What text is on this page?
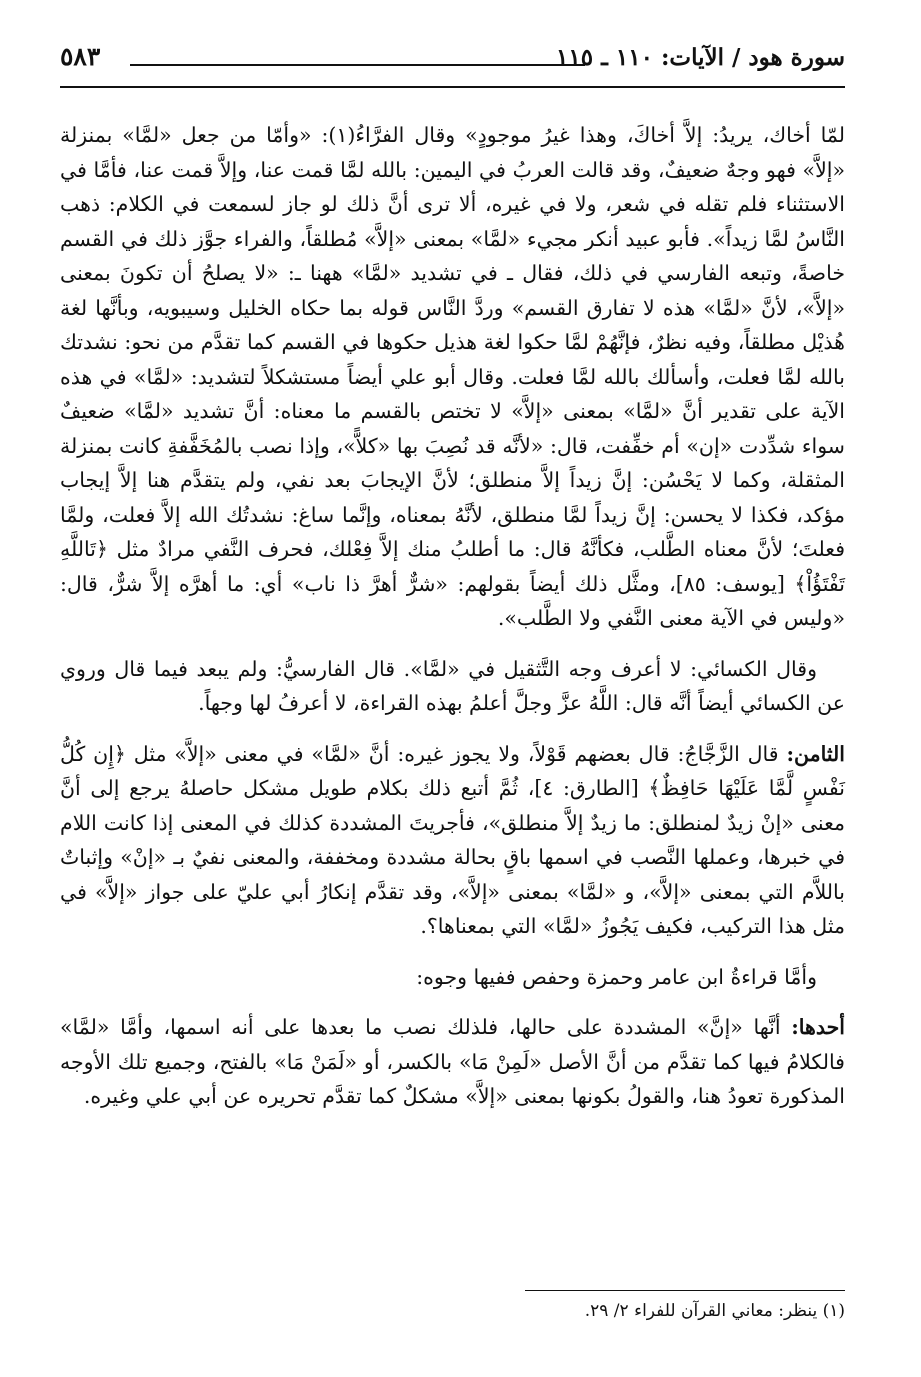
سورة هود / الآيات: ١١٠ ـ ١١٥
٥٨٣

لمّا أخاك، يريدُ: إلاَّ أخاكَ، وهذا غيرُ موجودٍ» وقال الفرَّاءُ(١): «وأمّا من جعل «لمَّا» بمنزلة «إلاَّ» فهو وجهٌ ضعيفٌ، وقد قالت العربُ في اليمين: بالله لمَّا قمت عنا، وإلاَّ قمت عنا، فأمَّا في الاستثناء فلم تقله في شعر، ولا في غيره، ألا ترى أنَّ ذلك لو جاز لسمعت في الكلام: ذهب النَّاسُ لمَّا زيداً». فأبو عبيد أنكر مجيء «لمَّا» بمعنى «إلاَّ» مُطلقاً، والفراء جوَّز ذلك في القسم خاصةً، وتبعه الفارسي في ذلك، فقال ـ في تشديد «لمَّا» ههنا ـ: «لا يصلحُ أن تكونَ بمعنى «إلاَّ»، لأنَّ «لمَّا» هذه لا تفارق القسم» وردَّ النَّاس قوله بما حكاه الخليل وسيبويه، وبأنَّها لغة هُذيْل مطلقاً، وفيه نظرٌ، فإنَّهُمْ لمَّا حكوا لغة هذيل حكوها في القسم كما تقدَّم من نحو: نشدتك بالله لمَّا فعلت، وأسألك بالله لمَّا فعلت. وقال أبو علي أيضاً مستشكلاً لتشديد: «لمَّا» في هذه الآية على تقدير أنَّ «لمَّا» بمعنى «إلاَّ» لا تختص بالقسم ما معناه: أنَّ تشديد «لمَّا» ضعيفٌ سواء شدِّدت «إن» أم خفِّفت، قال: «لأنَّه قد نُصِبَ بها «كلاًّ»، وإذا نصب بالمُخَفَّفةِ كانت بمنزلة المثقلة، وكما لا يَحْسُن: إنَّ زيداً إلاَّ منطلق؛ لأنَّ الإيجابَ بعد نفي، ولم يتقدَّم هنا إلاَّ إيجاب مؤكد، فكذا لا يحسن: إنَّ زيداً لمَّا منطلق، لأنَّهُ بمعناه، وإنَّما ساغ: نشدتُك الله إلاَّ فعلت، ولمَّا فعلتَ؛ لأنَّ معناه الطَّلب، فكأنَّهُ قال: ما أطلبُ منك إلاَّ فِعْلك، فحرف النَّفي مرادٌ مثل ﴿تَاللَّهِ تَفْتَؤُاْ﴾ [يوسف: ٨٥]، ومثَّل ذلك أيضاً بقولهم: «شرٌّ أهرَّ ذا ناب» أي: ما أهرَّه إلاَّ شرٌّ، قال: «وليس في الآية معنى النَّفي ولا الطَّلب».

وقال الكسائي: لا أعرف وجه التَّثقيل في «لمَّا». قال الفارسيُّ: ولم يبعد فيما قال وروي عن الكسائي أيضاً أنَّه قال: اللَّهُ عزَّ وجلَّ أعلمُ بهذه القراءة، لا أعرفُ لها وجهاً.

الثامن: قال الزَّجَّاجُ: قال بعضهم قَوْلاً، ولا يجوز غيره: أنَّ «لمَّا» في معنى «إلاَّ» مثل ﴿إِن كُلُّ نَفْسٍ لَّمَّا عَلَيْهَا حَافِظٌ﴾ [الطارق: ٤]، ثُمَّ أتبع ذلك بكلام طويل مشكل حاصلهُ يرجع إلى أنَّ معنى «إنْ زيدٌ لمنطلق: ما زيدٌ إلاَّ منطلق»، فأجريتَ المشددة كذلك في المعنى إذا كانت اللام في خبرها، وعملها النَّصب في اسمها باقٍ بحالة مشددة ومخففة، والمعنى نفيٌ بـ «إنْ» وإثباتٌ باللاَّم التي بمعنى «إلاَّ»، و «لمَّا» بمعنى «إلاَّ»، وقد تقدَّم إنكارُ أبي عليّ على جواز «إلاَّ» في مثل هذا التركيب، فكيف يَجُوزُ «لمَّا» التي بمعناها؟.

وأمَّا قراءةُ ابن عامر وحمزة وحفص ففيها وجوه:

أحدها: أنَّها «إنَّ» المشددة على حالها، فلذلك نصب ما بعدها على أنه اسمها، وأمَّا «لمَّا» فالكلامُ فيها كما تقدَّم من أنَّ الأصل «لَمِنْ مَا» بالكسر، أو «لَمَنْ مَا» بالفتح، وجميع تلك الأوجه المذكورة تعودُ هنا، والقولُ بكونها بمعنى «إلاَّ» مشكلٌ كما تقدَّم تحريره عن أبي علي وغيره.

(١) ينظر: معاني القرآن للفراء ٢/ ٢٩.
